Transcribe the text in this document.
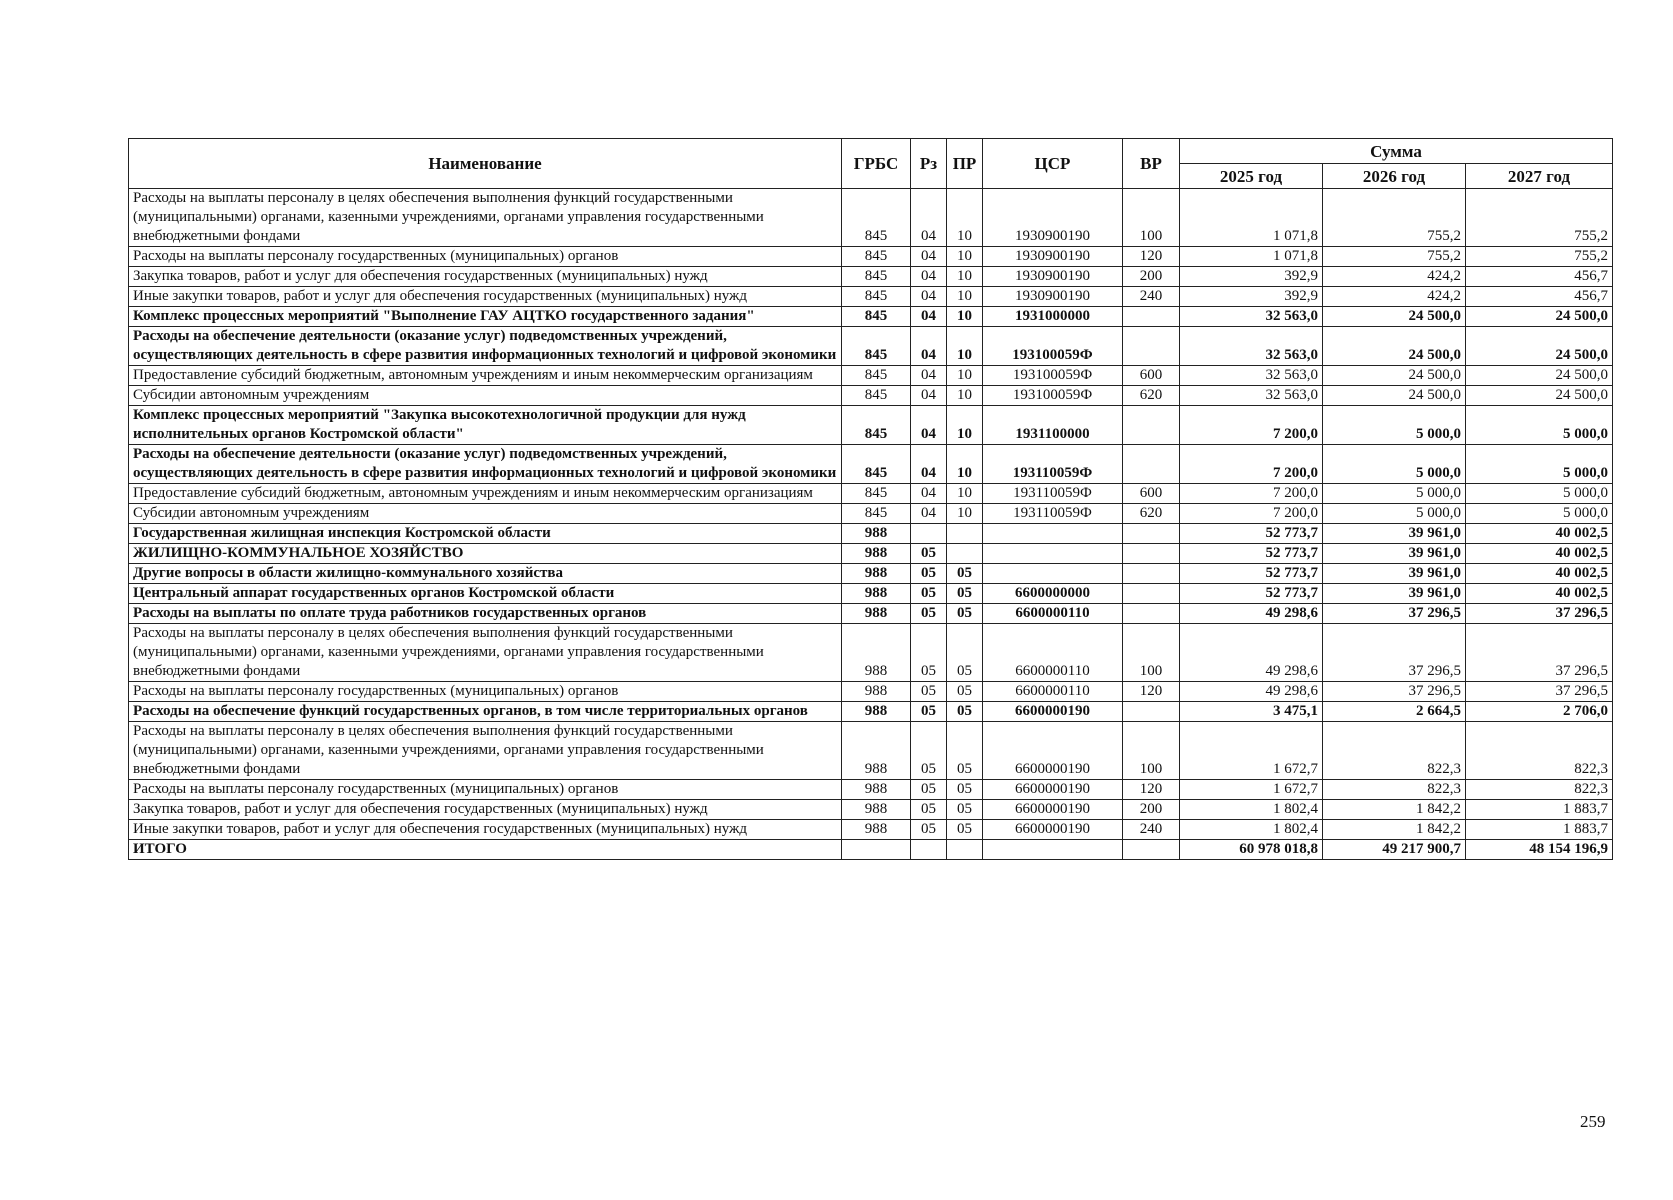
Наименование	ГРБС	Рз	ПР	ЦСР	ВР	Сумма		
						2025 год	2026 год	2027 год
Расходы на выплаты персоналу в целях обеспечения выполнения функций государственными (муниципальными) органами, казенными учреждениями, органами управления государственными внебюджетными фондами	845	04	10	1930900190	100	1 071,8	755,2	755,2
Расходы на выплаты персоналу государственных (муниципальных) органов	845	04	10	1930900190	120	1 071,8	755,2	755,2
Закупка товаров, работ и услуг для обеспечения государственных (муниципальных) нужд	845	04	10	1930900190	200	392,9	424,2	456,7
Иные закупки товаров, работ и услуг для обеспечения государственных (муниципальных) нужд	845	04	10	1930900190	240	392,9	424,2	456,7
Комплекс процессных мероприятий "Выполнение ГАУ АЦТКО государственного задания"	845	04	10	1931000000		32 563,0	24 500,0	24 500,0
Расходы на обеспечение деятельности (оказание услуг) подведомственных учреждений, осуществляющих деятельность в сфере развития информационных технологий и цифровой экономики	845	04	10	193100059Ф		32 563,0	24 500,0	24 500,0
Предоставление субсидий бюджетным, автономным учреждениям и иным некоммерческим организациям	845	04	10	193100059Ф	600	32 563,0	24 500,0	24 500,0
Субсидии автономным учреждениям	845	04	10	193100059Ф	620	32 563,0	24 500,0	24 500,0
Комплекс процессных мероприятий "Закупка высокотехнологичной продукции для нужд исполнительных органов Костромской области"	845	04	10	1931100000		7 200,0	5 000,0	5 000,0
Расходы на обеспечение деятельности (оказание услуг) подведомственных учреждений, осуществляющих деятельность в сфере развития информационных технологий и цифровой экономики	845	04	10	193110059Ф		7 200,0	5 000,0	5 000,0
Предоставление субсидий бюджетным, автономным учреждениям и иным некоммерческим организациям	845	04	10	193110059Ф	600	7 200,0	5 000,0	5 000,0
Субсидии автономным учреждениям	845	04	10	193110059Ф	620	7 200,0	5 000,0	5 000,0
Государственная жилищная инспекция Костромской области	988					52 773,7	39 961,0	40 002,5
ЖИЛИЩНО-КОММУНАЛЬНОЕ ХОЗЯЙСТВО	988	05				52 773,7	39 961,0	40 002,5
Другие вопросы в области жилищно-коммунального хозяйства	988	05	05			52 773,7	39 961,0	40 002,5
Центральный аппарат государственных органов Костромской области	988	05	05	6600000000		52 773,7	39 961,0	40 002,5
Расходы на выплаты по оплате труда работников государственных органов	988	05	05	6600000110		49 298,6	37 296,5	37 296,5
Расходы на выплаты персоналу в целях обеспечения выполнения функций государственными (муниципальными) органами, казенными учреждениями, органами управления государственными внебюджетными фондами	988	05	05	6600000110	100	49 298,6	37 296,5	37 296,5
Расходы на выплаты персоналу государственных (муниципальных) органов	988	05	05	6600000110	120	49 298,6	37 296,5	37 296,5
Расходы на обеспечение функций государственных органов, в том числе территориальных органов	988	05	05	6600000190		3 475,1	2 664,5	2 706,0
Расходы на выплаты персоналу в целях обеспечения выполнения функций государственными (муниципальными) органами, казенными учреждениями, органами управления государственными внебюджетными фондами	988	05	05	6600000190	100	1 672,7	822,3	822,3
Расходы на выплаты персоналу государственных (муниципальных) органов	988	05	05	6600000190	120	1 672,7	822,3	822,3
Закупка товаров, работ и услуг для обеспечения государственных (муниципальных) нужд	988	05	05	6600000190	200	1 802,4	1 842,2	1 883,7
Иные закупки товаров, работ и услуг для обеспечения государственных (муниципальных) нужд	988	05	05	6600000190	240	1 802,4	1 842,2	1 883,7
ИТОГО						60 978 018,8	49 217 900,7	48 154 196,9
259
